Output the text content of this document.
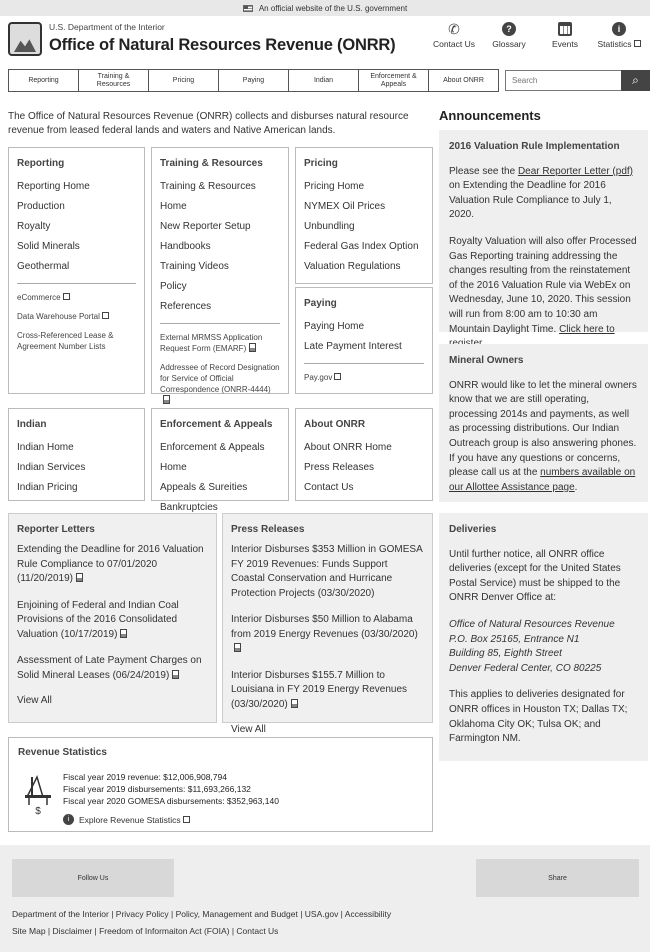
An official website of the U.S. government
U.S. Department of the Interior
Office of Natural Resources Revenue (ONRR)
✆
Contact Us
?
Glossary	Events
i
Statistics
Reporting
Training & Resources
Pricing	Paying	Indian
Enforcement & Appeals
About ONRR
Search	⌕
The Office of Natural Resources Revenue (ONRR) collects and disburses natural resource revenue from leased federal lands and waters and Native American lands.
Reporting
Reporting Home
Production
Royalty
Solid Minerals
Geothermal
eCommerce
Data Warehouse Portal
Cross-Referenced Lease & Agreement Number Lists
Training & Resources
Training & Resources Home
New Reporter Setup
Handbooks
Training Videos
Policy
References
External MRMSS Application Request Form (EMARF)
Addressee of Record Designation for Service of Official Correspondence (ONRR-4444)
Pricing
Pricing Home
NYMEX Oil Prices
Unbundling
Federal Gas Index Option
Valuation Regulations
Paying
Paying Home
Late Payment Interest
Pay.gov
Indian
Indian Home
Indian Services
Indian Pricing
Enforcement & Appeals
Enforcement & Appeals Home
Appeals & Sureities
Bankruptcies
About ONRR
About ONRR Home
Press Releases
Contact Us
Reporter Letters
Extending the Deadline for 2016 Valuation Rule Compliance to 07/01/2020 (11/20/2019)
Enjoining of Federal and Indian Coal Provisions of the 2016 Consolidated Valuation (10/17/2019)
Assessment of Late Payment Charges on Solid Mineral Leases (06/24/2019)
View All
Press Releases
Interior Disburses $353 Million in GOMESA FY 2019 Revenues: Funds Support Coastal Conservation and Hurricane Protection Projects (03/30/2020)
Interior Disburses $50 Million to Alabama from 2019 Energy Revenues (03/30/2020)
Interior Disburses $155.7 Million to Louisiana in FY 2019 Energy Revenues (03/30/2020)
View All
Revenue Statistics
$
Fiscal year 2019 revenue: $12,006,908,794
Fiscal year 2019 disbursements: $11,693,266,132
Fiscal year 2020 GOMESA disbursements: $352,963,140
i	Explore Revenue Statistics
Announcements
2016 Valuation Rule Implementation

Please see the Dear Reporter Letter (pdf) on Extending the Deadline for 2016 Valuation Rule Compliance to July 1, 2020.

Royalty Valuation will also offer Processed Gas Reporting training addressing the changes resulting from the reinstatement of the 2016 Valuation Rule via WebEx on Wednesday, June 10, 2020. This session will run from 8:00 am to 10:30 am Mountain Daylight Time. Click here to

Mineral Owners

ONRR would like to let the mineral owners know that we are still operating, processing 2014s and payments, as well as processing distributions. Our Indian Outreach group is also answering phones. If you have any questions or concerns, please call us at the numbers available on our Allottee Assistance page.

Deliveries

Until further notice, all ONRR office deliveries (except for the United States Postal Service) must be shipped to the ONRR Denver Office at:

Office of Natural Resources Revenue
P.O. Box 25165, Entrance N1
Building 85, Eighth Street
Denver Federal Center, CO 80225

This applies to deliveries designated for ONRR offices in Houston TX; Dallas TX; Oklahoma City OK; Tulsa OK; and Farmington NM.

Follow Us	Share
Department of the Interior | Privacy Policy | Policy, Management and Budget | USA.gov | Accessibility
Site Map | Disclaimer | Freedom of Informaiton Act (FOIA) | Contact Us
